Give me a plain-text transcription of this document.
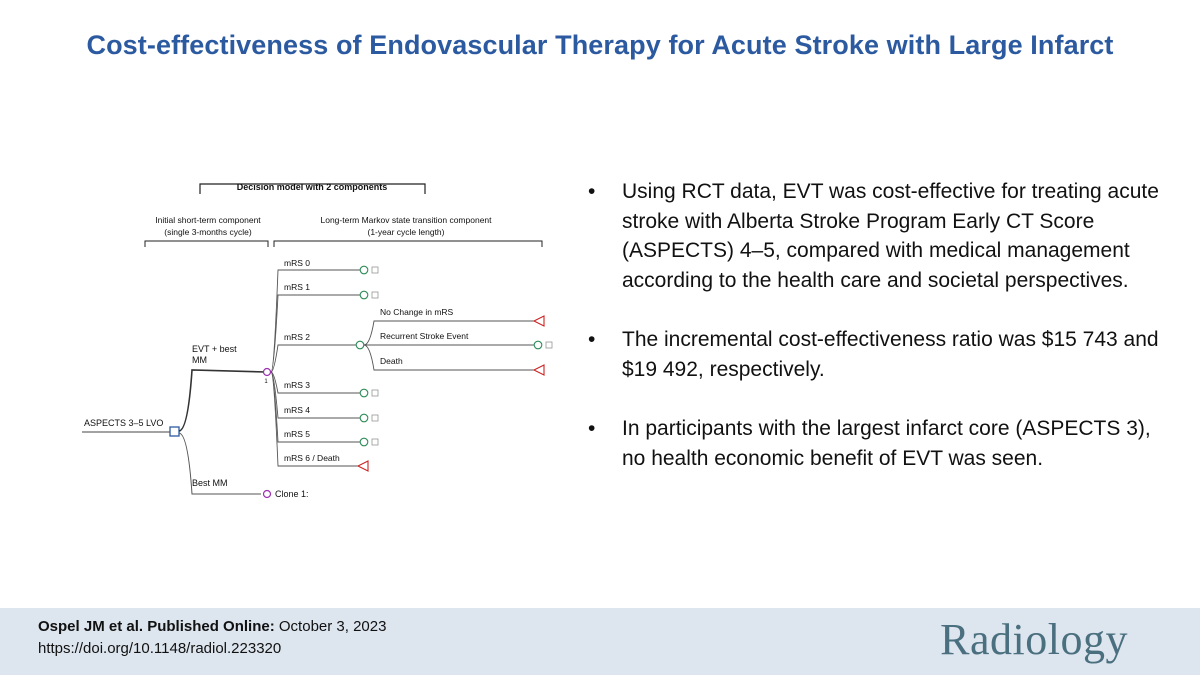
Cost-effectiveness of Endovascular Therapy for Acute Stroke with Large Infarct
Decision model with 2 components
Initial short-term component
(single 3-months cycle)
Long-term Markov state transition component
(1-year cycle length)
ASPECTS 3–5 LVO
EVT + best
MM
Best MM
1
Clone 1:
mRS 0
mRS 1
mRS 2
mRS 3
mRS 4
mRS 5
mRS 6 / Death
No Change in mRS
Recurrent Stroke Event
Death
• Using RCT data, EVT was cost-effective for treating acute stroke with Alberta Stroke Program Early CT Score (ASPECTS) 4–5, compared with medical management according to the health care and societal perspectives.
• The incremental cost-effectiveness ratio was $15 743 and $19 492, respectively.
• In participants with the largest infarct core (ASPECTS 3), no health economic benefit of EVT was seen.
Ospel JM et al. Published Online: October 3, 2023
https://doi.org/10.1148/radiol.223320	Radiology
